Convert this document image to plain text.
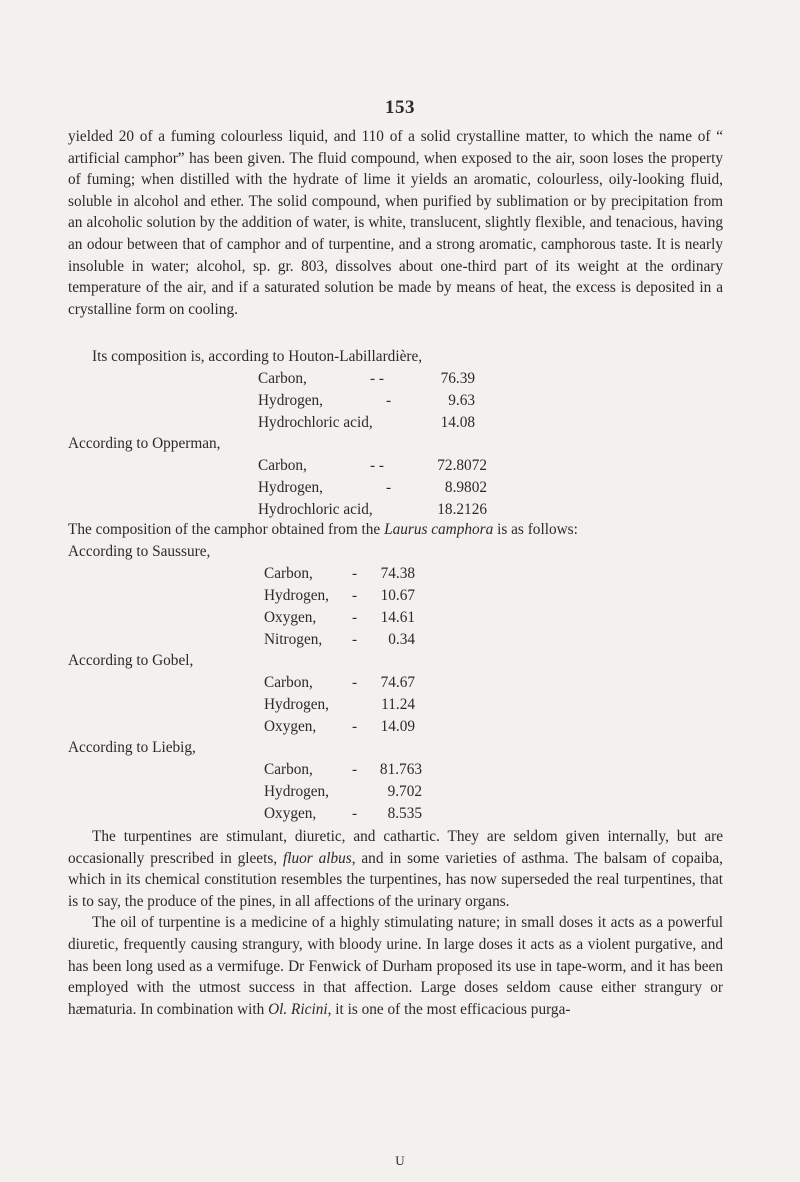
153
yielded 20 of a fuming colourless liquid, and 110 of a solid crystalline matter, to which the name of “ artificial camphor” has been given. The fluid compound, when exposed to the air, soon loses the property of fuming; when distilled with the hydrate of lime it yields an aromatic, colourless, oily-looking fluid, soluble in alcohol and ether. The solid compound, when purified by sublimation or by precipitation from an alcoholic solution by the addition of water, is white, translucent, slightly flexible, and tenacious, having an odour between that of camphor and of turpentine, and a strong aromatic, camphorous taste. It is nearly insoluble in water; alcohol, sp. gr. 803, dissolves about one-third part of its weight at the ordinary temperature of the air, and if a saturated solution be made by means of heat, the excess is deposited in a crystalline form on cooling.
Its composition is, according to Houton-Labillardière,
Carbon,	- -	76.39
Hydrogen,	-	9.63
Hydrochloric acid,	14.08
According to Opperman,
Carbon,	- -	72.8072
Hydrogen,	-	8.9802
Hydrochloric acid,	18.2126
The composition of the camphor obtained from the Laurus camphora is as follows:
According to Saussure,
Carbon,	-	74.38
Hydrogen, -	10.67
Oxygen, -	14.61
Nitrogen, -	0.34
According to Gobel,
Carbon,	-	74.67
Hydrogen,	11.24
Oxygen, -	14.09
According to Liebig,
Carbon,	-	81.763
Hydrogen,	9.702
Oxygen, -	8.535

The turpentines are stimulant, diuretic, and cathartic. They are seldom given internally, but are occasionally prescribed in gleets, fluor albus, and in some varieties of asthma. The balsam of copaiba, which in its chemical constitution resembles the turpentines, has now superseded the real turpentines, that is to say, the produce of the pines, in all affections of the urinary organs.

The oil of turpentine is a medicine of a highly stimulating nature; in small doses it acts as a powerful diuretic, frequently causing strangury, with bloody urine. In large doses it acts as a violent purgative, and has been long used as a vermifuge. Dr Fenwick of Durham proposed its use in tape-worm, and it has been employed with the utmost success in that affection. Large doses seldom cause either strangury or hæmaturia. In combination with Ol. Ricini, it is one of the most efficacious purga-

U
